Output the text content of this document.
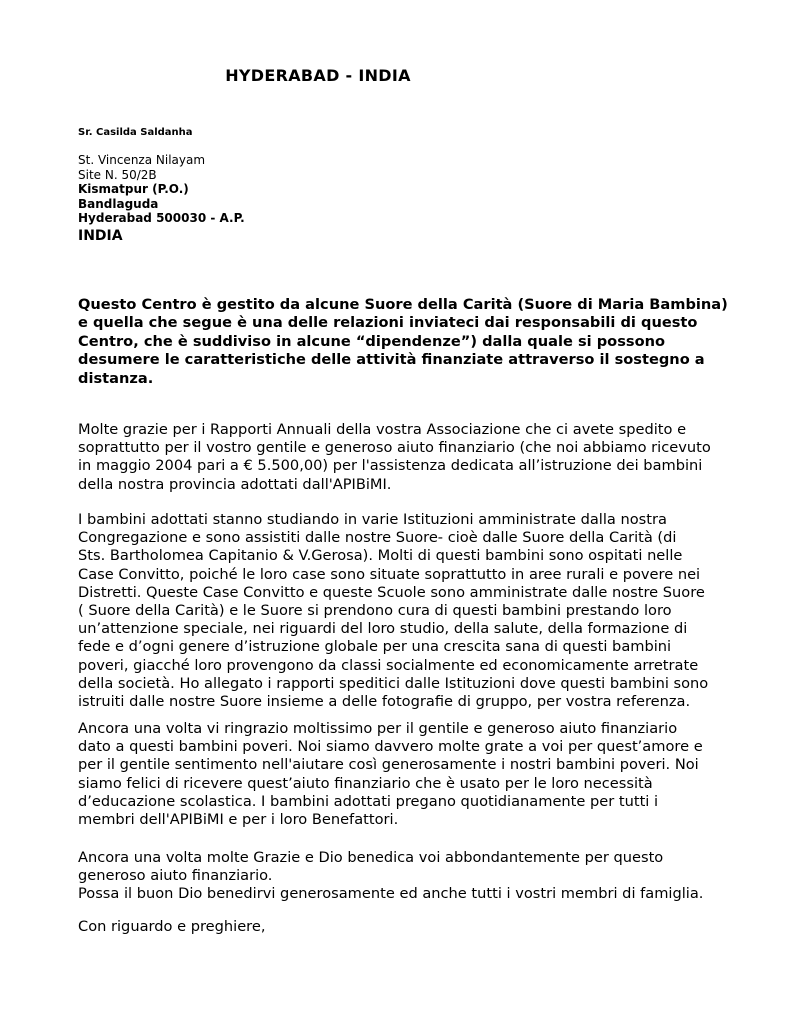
HYDERABAD - INDIA
Sr. Casilda Saldanha
St. Vincenza Nilayam
Site N. 50/2B
Kismatpur (P.O.)
Bandlaguda
Hyderabad 500030 - A.P.
INDIA
Questo Centro è gestito da alcune Suore della Carità (Suore di Maria Bambina) e quella che segue è una delle relazioni inviateci dai responsabili di questo Centro, che è suddiviso in alcune “dipendenze”) dalla quale si possono desumere le caratteristiche delle attività finanziate attraverso il sostegno a distanza.
Molte grazie per i Rapporti Annuali della vostra Associazione che ci avete spedito e
soprattutto per il vostro gentile e generoso aiuto finanziario (che noi abbiamo ricevuto
in maggio 2004 pari a € 5.500,00) per l'assistenza dedicata all’istruzione dei bambini
della nostra provincia adottati dall'APIBiMI.
I bambini adottati stanno studiando in varie Istituzioni amministrate dalla nostra
Congregazione e sono assistiti dalle nostre Suore- cioè dalle Suore della Carità (di
Sts. Bartholomea Capitanio & V.Gerosa). Molti di questi bambini sono ospitati nelle
Case Convitto, poiché le loro case sono situate soprattutto in aree rurali e povere nei
Distretti. Queste Case Convitto e queste Scuole sono amministrate dalle nostre Suore
( Suore della Carità) e le Suore si prendono cura di questi bambini prestando loro
un’attenzione speciale, nei riguardi del loro studio, della salute, della formazione di
fede e d’ogni genere d’istruzione globale per una crescita sana di questi bambini
poveri, giacché loro provengono da classi socialmente ed economicamente arretrate
della società. Ho allegato i rapporti speditici dalle Istituzioni dove questi bambini sono
istruiti dalle nostre Suore insieme a delle fotografie di gruppo, per vostra referenza.
Ancora una volta vi ringrazio moltissimo per il gentile e generoso aiuto finanziario
dato a questi bambini poveri. Noi siamo davvero molte grate a voi per quest’amore e
per il gentile sentimento nell'aiutare così generosamente i nostri bambini poveri. Noi
siamo felici di ricevere quest’aiuto finanziario che è usato per le loro necessità
d’educazione scolastica. I bambini adottati pregano quotidianamente per tutti i
membri dell'APIBiMI e per i loro Benefattori.
Ancora una volta molte Grazie e Dio benedica voi abbondantemente per questo
generoso aiuto finanziario.
Possa il buon Dio benedirvi generosamente ed anche tutti i vostri membri di famiglia.
Con riguardo e preghiere,
